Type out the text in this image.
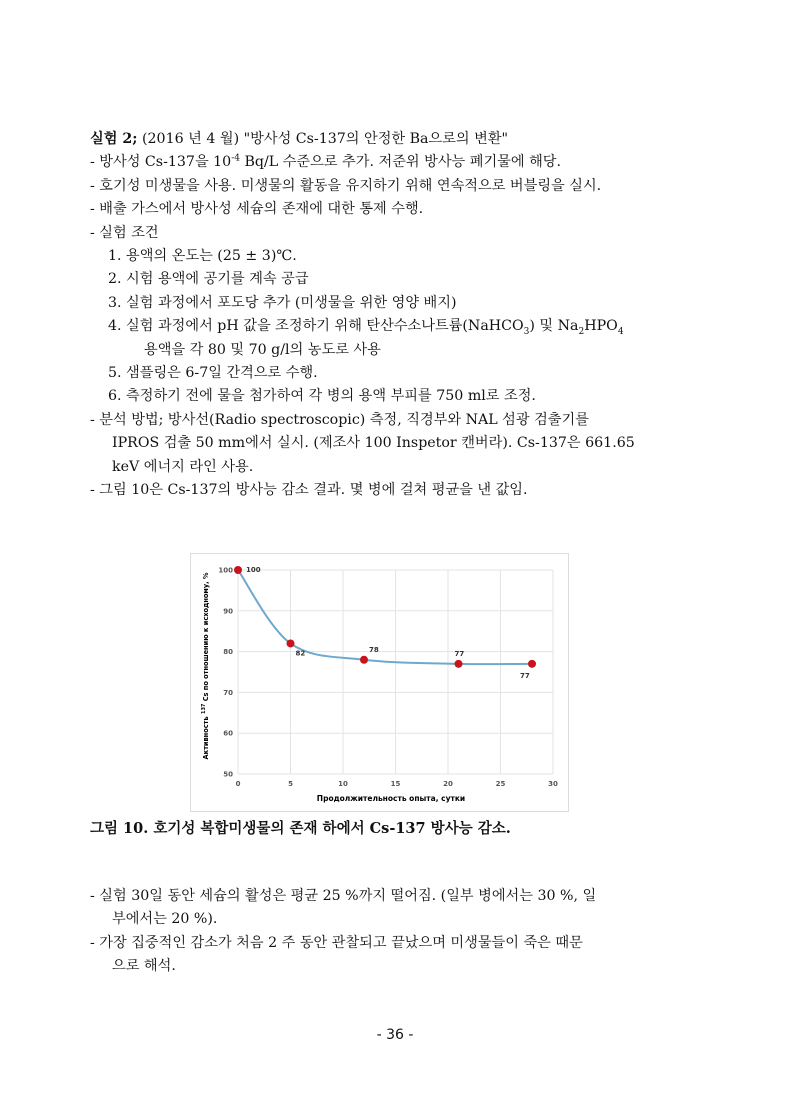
실험 2; (2016 년 4 월) "방사성 Cs-137의 안정한 Ba으로의 변환"

- 방사성 Cs-137을 $10^{-4}$ Bq/L 수준으로 추가. 저준위 방사능 폐기물에 해당.

- 호기성 미생물을 사용. 미생물의 활동을 유지하기 위해 연속적으로 버블링을 실시.

- 배출 가스에서 방사성 세슘의 존재에 대한 통제 수행.

- 실험 조건

1. 용액의 온도는 (25 ± 3)℃.

2. 시험 용액에 공기를 계속 공급

3. 실험 과정에서 포도당 추가 (미생물을 위한 영양 배지)

4. 실험 과정에서 pH 값을 조정하기 위해 탄산수소나트륨(NaHCO$_3$) 및 $Na_2HPO_4$

용액을 각 80 및 70 g/l의 농도로 사용

5. 샘플링은 6-7일 간격으로 수행.

6. 측정하기 전에 물을 첨가하여 각 병의 용액 부피를 750 ml로 조정.

- 분석 방법; 방사선(Radio spectroscopic) 측정, 직경부와 NAL 섬광 검출기를

IPROS 검출 50 mm에서 실시. (제조사 100 Inspetor 캔버라). Cs-137은 661.65

keV 에너지 라인 사용.

- 그림 10은 Cs-137의 방사능 감소 결과. 몇 병에 걸쳐 평균을 낸 값임.

50
60
70
80
90
100
0	5	10	15	20	25	30
100
82	78
77
77
Продолжительность опыта, сутки
Активность $^{137}$ Cs по отношению к исходному, %
그림 10. 호기성 복합미생물의 존재 하에서 Cs-137 방사능 감소.

- 실험 30일 동안 세슘의 활성은 평균 25 %까지 떨어짐. (일부 병에서는 30 %, 일

부에서는 20 %).

- 가장 집중적인 감소가 처음 2 주 동안 관찰되고 끝났으며 미생물들이 죽은 때문

으로 해석.

- 36 -
